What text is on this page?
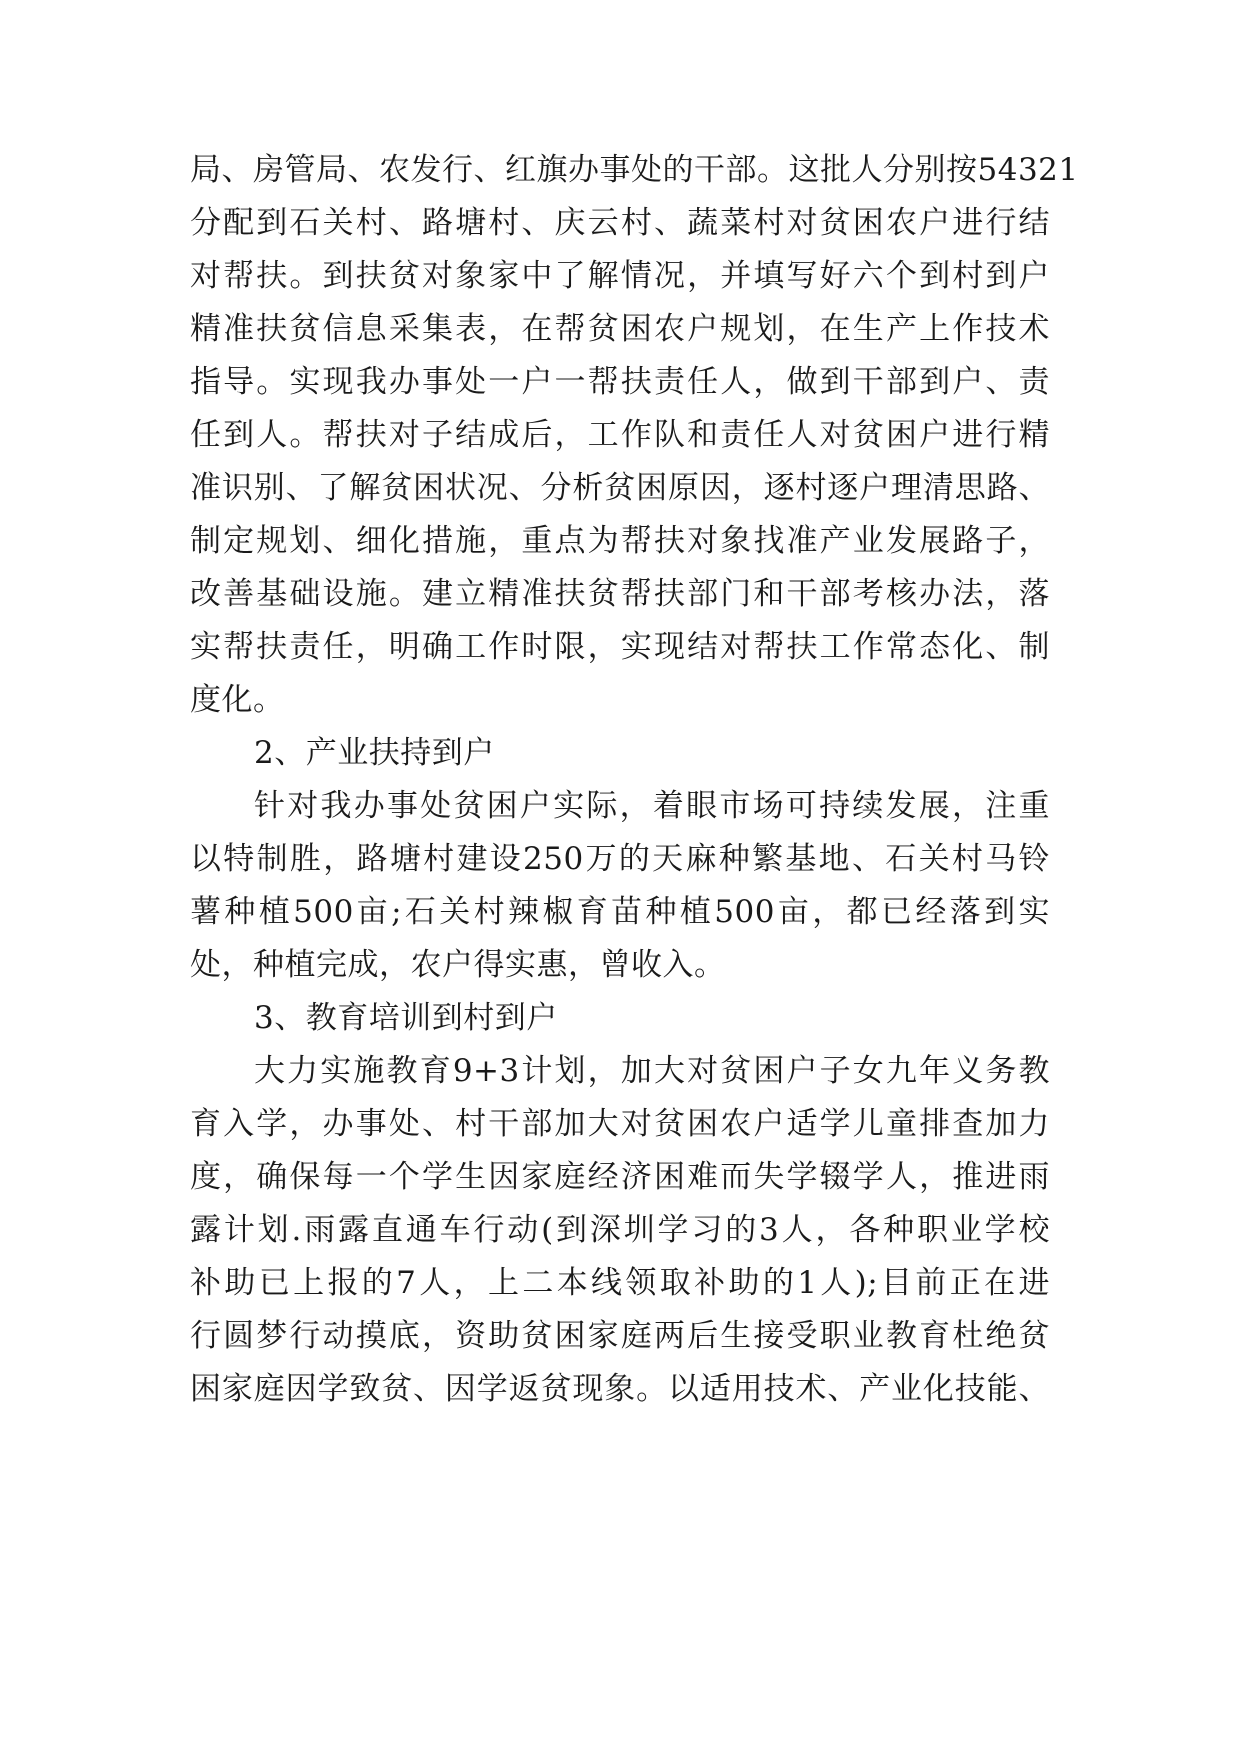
局、房管局、农发行、红旗办事处的干部。这批人分别按54321
分配到石关村、路塘村、庆云村、蔬菜村对贫困农户进行结
对帮扶。到扶贫对象家中了解情况，并填写好六个到村到户
精准扶贫信息采集表，在帮贫困农户规划，在生产上作技术
指导。实现我办事处一户一帮扶责任人，做到干部到户、责
任到人。帮扶对子结成后，工作队和责任人对贫困户进行精
准识别、了解贫困状况、分析贫困原因，逐村逐户理清思路、
制定规划、细化措施，重点为帮扶对象找准产业发展路子，
改善基础设施。建立精准扶贫帮扶部门和干部考核办法，落
实帮扶责任，明确工作时限，实现结对帮扶工作常态化、制
度化。
2、产业扶持到户
针对我办事处贫困户实际，着眼市场可持续发展，注重
以特制胜，路塘村建设250万的天麻种繁基地、石关村马铃
薯种植500亩;石关村辣椒育苗种植500亩，都已经落到实
处，种植完成，农户得实惠，曾收入。
3、教育培训到村到户
大力实施教育9+3计划，加大对贫困户子女九年义务教
育入学，办事处、村干部加大对贫困农户适学儿童排查加力
度，确保每一个学生因家庭经济困难而失学辍学人，推进雨
露计划.雨露直通车行动(到深圳学习的3人，各种职业学校
补助已上报的7人，上二本线领取补助的1人);目前正在进
行圆梦行动摸底，资助贫困家庭两后生接受职业教育杜绝贫
困家庭因学致贫、因学返贫现象。以适用技术、产业化技能、
